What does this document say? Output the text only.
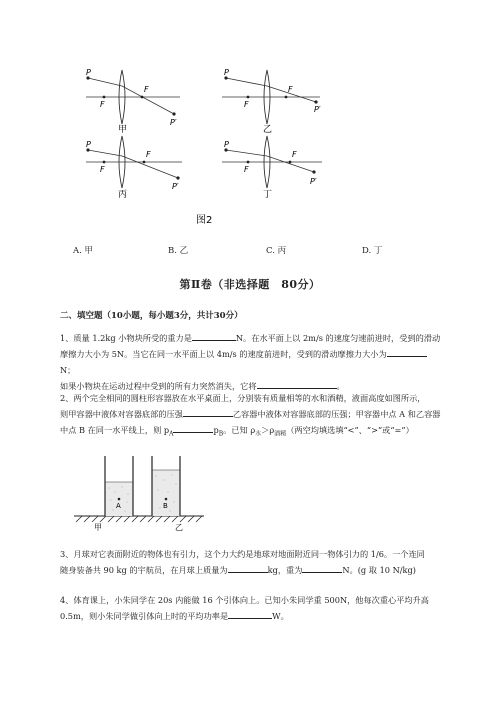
P
F
F
P′
甲
P
F
F
P′
乙
P
F
F
P′
丙
P
F
F
P′
丁
图2
A. 甲	B. 乙	C. 丙	D. 丁
第Ⅱ卷（非选择题　80分）
二、填空题（10小题，每小题3分，共计30分）
1、质量 1.2kg 小物块所受的重力是	N。在水平面上以 2m/s 的速度匀速前进时，受到的滑动
摩擦力大小为 5N。当它在同一水平面上以 4m/s 的速度前进时，受到的滑动摩擦力大小为N；
如果小物块在运动过程中受到的所有力突然消失，它将	。
2、两个完全相同的圆柱形容器放在水平桌面上，分别装有质量相等的水和酒精，液面高度如图所示，
则甲容器中液体对容器底部的压强	乙容器中液体对容器底部的压强；甲容器中点 A 和乙容器
中点 B 在同一水平线上，则 $p_A$	$p_B$。已知 $\rho_水>\rho_{酒精}$（两空均填选填“<”、“>”或“=”）
A	B
甲	乙
3、月球对它表面附近的物体也有引力，这个力大约是地球对地面附近同一物体引力的 1/6。一个连同
随身装备共 90 kg 的宇航员，在月球上质量为	kg，重为	N。(g 取 10 N/kg)
4、体育课上，小朱同学在 20s 内能做 16 个引体向上。已知小朱同学重 500N，他每次重心平均升高
0.5m，则小朱同学做引体向上时的平均功率是	W。
